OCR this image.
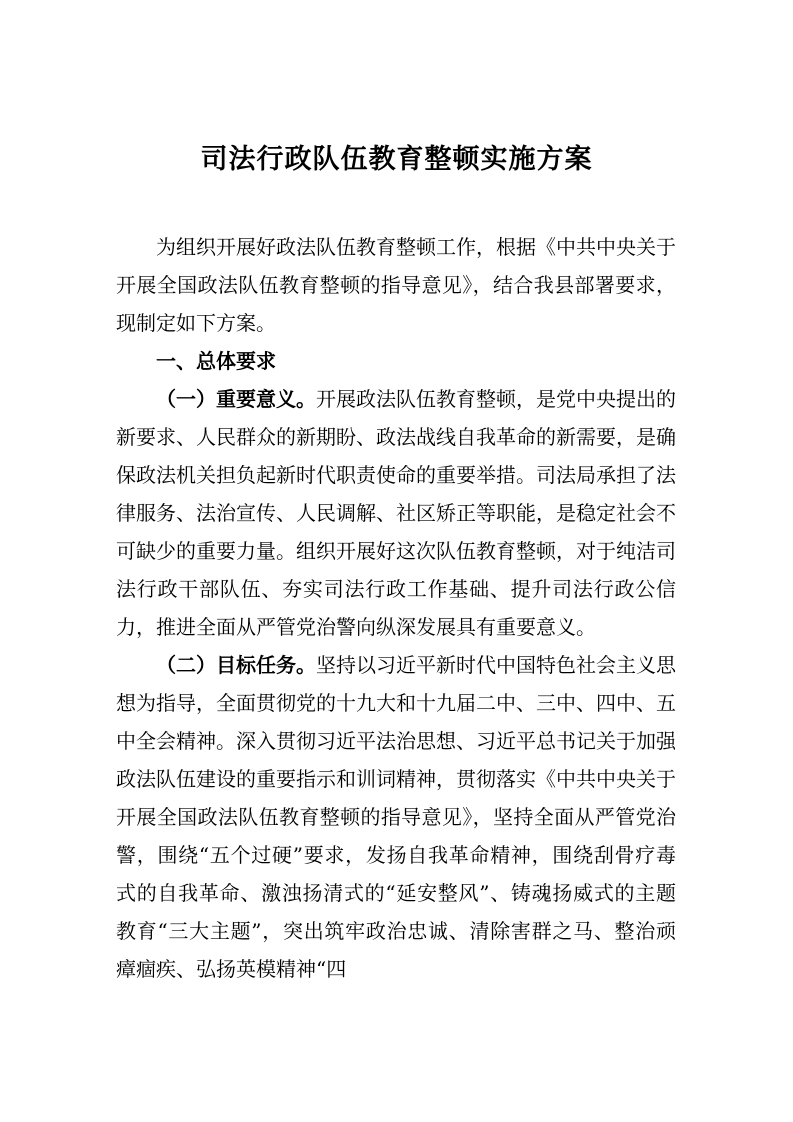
司法行政队伍教育整顿实施方案

为组织开展好政法队伍教育整顿工作，根据《中共中央关于开展全国政法队伍教育整顿的指导意见》，结合我县部署要求，现制定如下方案。

一、总体要求

（一）重要意义。开展政法队伍教育整顿，是党中央提出的新要求、人民群众的新期盼、政法战线自我革命的新需要，是确保政法机关担负起新时代职责使命的重要举措。司法局承担了法律服务、法治宣传、人民调解、社区矫正等职能，是稳定社会不可缺少的重要力量。组织开展好这次队伍教育整顿，对于纯洁司法行政干部队伍、夯实司法行政工作基础、提升司法行政公信力，推进全面从严管党治警向纵深发展具有重要意义。

（二）目标任务。坚持以习近平新时代中国特色社会主义思想为指导，全面贯彻党的十九大和十九届二中、三中、四中、五中全会精神。深入贯彻习近平法治思想、习近平总书记关于加强政法队伍建设的重要指示和训词精神，贯彻落实《中共中央关于开展全国政法队伍教育整顿的指导意见》，坚持全面从严管党治警，围绕“五个过硬”要求，发扬自我革命精神，围绕刮骨疗毒式的自我革命、激浊扬清式的“延安整风”、铸魂扬威式的主题教育“三大主题”，突出筑牢政治忠诚、清除害群之马、整治顽瘴痼疾、弘扬英模精神“四
